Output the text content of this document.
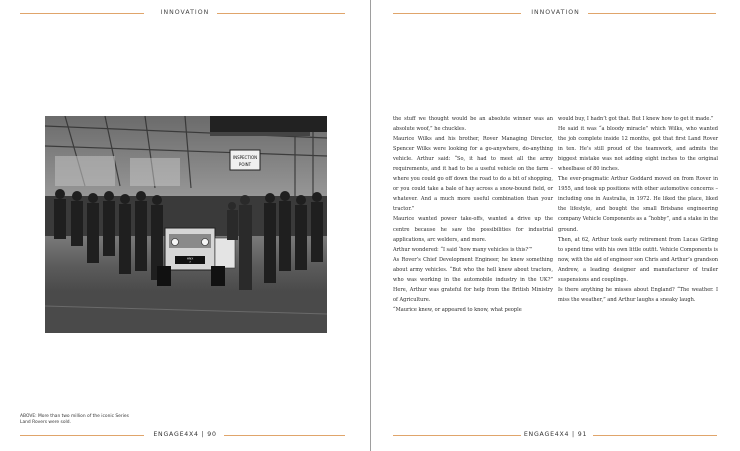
INNOVATION
INSPECTION
POINT
HNX
?
ABOVE: More than two million of the iconic Series Land Rovers were sold.
ENGAGE4X4 | 90
INNOVATION

the stuff we thought would be an absolute winner was an absolute woof,” he chuckles.

Maurice Wilks and his brother, Rover Managing Director, Spencer Wilks were looking for a go-anywhere, do-anything vehicle. Arthur said: “So, it had to meet all the army requirements, and it had to be a useful vehicle on the farm – where you could go off down the road to do a bit of shopping, or you could take a bale of hay across a snow-bound field, or whatever. And a much more useful combination than your tractor.”

Maurice wanted power take-offs, wanted a drive up the centre because he saw the possibilities for industrial applications, arc welders, and more.

Arthur wondered: “I said ‘how many vehicles is this?’”

As Rover’s Chief Development Engineer, he knew something about army vehicles. “But who the hell knew about tractors, who was working in the automobile industry in the UK?” Here, Arthur was grateful for help from the British Ministry of Agriculture.

“Maurice knew, or appeared to know, what people

would buy, I hadn’t got that. But I knew how to get it made.”

He said it was “a bloody miracle” which Wilks, who wanted the job complete inside 12 months, got that first Land Rover in ten. He’s still proud of the teamwork, and admits the biggest mistake was not adding eight inches to the original wheelbase of 80 inches.

The ever-pragmatic Arthur Goddard moved on from Rover in 1955, and took up positions with other automotive concerns – including one in Australia, in 1972. He liked the place, liked the lifestyle, and bought the small Brisbane engineering company Vehicle Components as a “hobby”, and a stake in the ground.

Then, at 62, Arthur took early retirement from Lucas Girling to spend time with his own little outfit. Vehicle Components is now, with the aid of engineer son Chris and Arthur’s grandson Andrew, a leading designer and manufacturer of trailer suspensions and couplings.

Is there anything he misses about England? “The weather. I miss the weather,” and Arthur laughs a sneaky laugh.

ENGAGE4X4 | 91
